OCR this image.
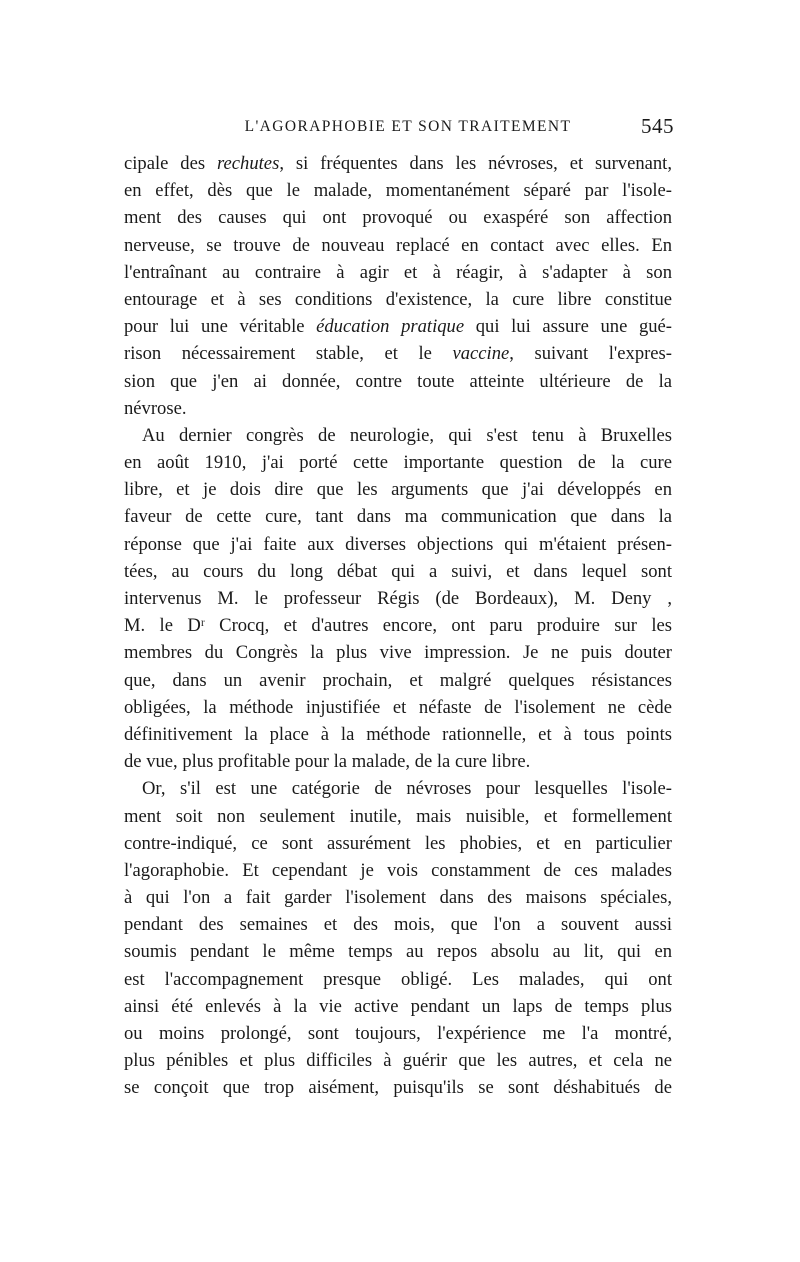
L'AGORAPHOBIE ET SON TRAITEMENT	545
cipale des rechutes, si fréquentes dans les névroses, et survenant,
en effet, dès que le malade, momentanément séparé par l'isole-
ment des causes qui ont provoqué ou exaspéré son affection
nerveuse, se trouve de nouveau replacé en contact avec elles. En
l'entraînant au contraire à agir et à réagir, à s'adapter à son
entourage et à ses conditions d'existence, la cure libre constitue
pour lui une véritable éducation pratique qui lui assure une gué-
rison nécessairement stable, et le vaccine, suivant l'expres-
sion que j'en ai donnée, contre toute atteinte ultérieure de la
névrose.
Au dernier congrès de neurologie, qui s'est tenu à Bruxelles
en août 1910, j'ai porté cette importante question de la cure
libre, et je dois dire que les arguments que j'ai développés en
faveur de cette cure, tant dans ma communication que dans la
réponse que j'ai faite aux diverses objections qui m'étaient présen-
tées, au cours du long débat qui a suivi, et dans lequel sont
intervenus M. le professeur Régis (de Bordeaux), M. Deny ,
M. le Dʳ Crocq, et d'autres encore, ont paru produire sur les
membres du Congrès la plus vive impression. Je ne puis douter
que, dans un avenir prochain, et malgré quelques résistances
obligées, la méthode injustifiée et néfaste de l'isolement ne cède
définitivement la place à la méthode rationnelle, et à tous points
de vue, plus profitable pour la malade, de la cure libre.
Or, s'il est une catégorie de névroses pour lesquelles l'isole-
ment soit non seulement inutile, mais nuisible, et formellement
contre-indiqué, ce sont assurément les phobies, et en particulier
l'agoraphobie. Et cependant je vois constamment de ces malades
à qui l'on a fait garder l'isolement dans des maisons spéciales,
pendant des semaines et des mois, que l'on a souvent aussi
soumis pendant le même temps au repos absolu au lit, qui en
est l'accompagnement presque obligé. Les malades, qui ont
ainsi été enlevés à la vie active pendant un laps de temps plus
ou moins prolongé, sont toujours, l'expérience me l'a montré,
plus pénibles et plus difficiles à guérir que les autres, et cela ne
se conçoit que trop aisément, puisqu'ils se sont déshabitués de
